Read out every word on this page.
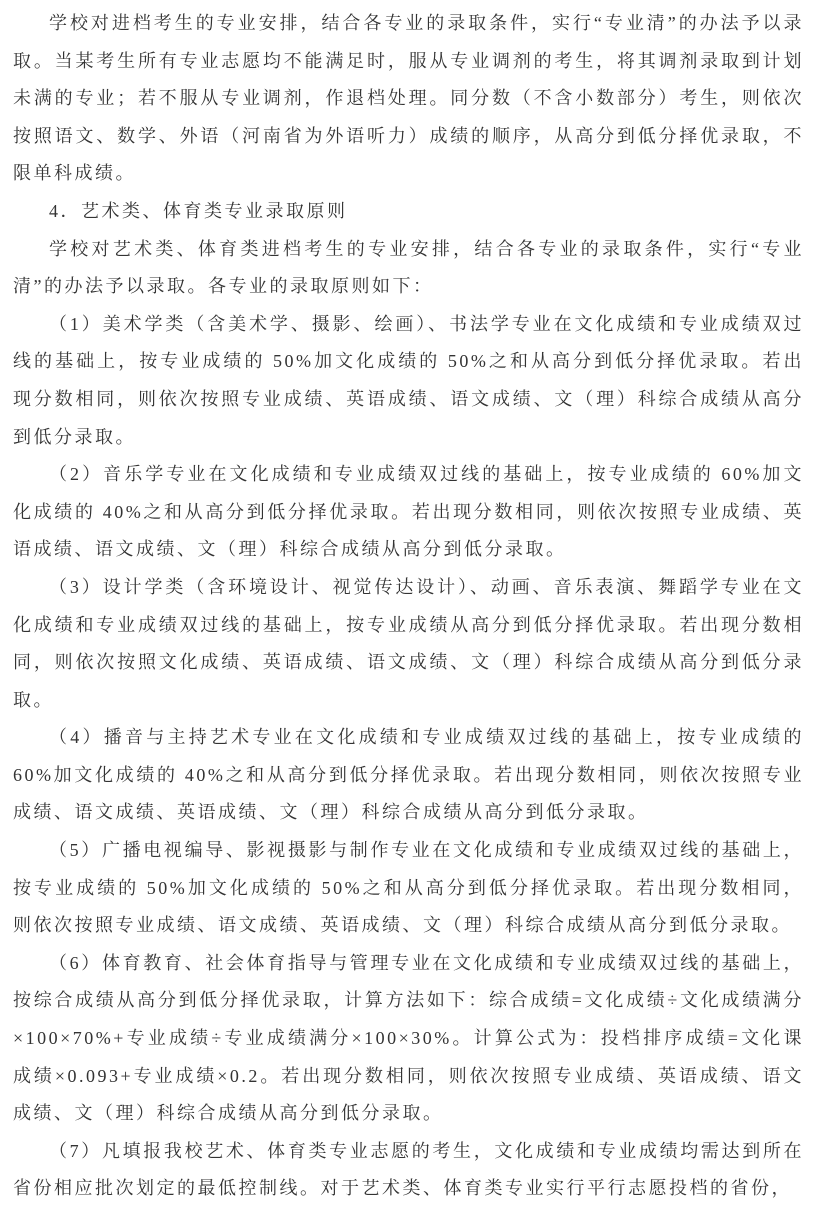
学校对进档考生的专业安排，结合各专业的录取条件，实行“专业清”的办法予以录取。当某考生所有专业志愿均不能满足时，服从专业调剂的考生，将其调剂录取到计划未满的专业；若不服从专业调剂，作退档处理。同分数（不含小数部分）考生，则依次按照语文、数学、外语（河南省为外语听力）成绩的顺序，从高分到低分择优录取，不限单科成绩。

4．艺术类、体育类专业录取原则

学校对艺术类、体育类进档考生的专业安排，结合各专业的录取条件，实行“专业清”的办法予以录取。各专业的录取原则如下：

（1）美术学类（含美术学、摄影、绘画）、书法学专业在文化成绩和专业成绩双过线的基础上，按专业成绩的 50%加文化成绩的 50%之和从高分到低分择优录取。若出现分数相同，则依次按照专业成绩、英语成绩、语文成绩、文（理）科综合成绩从高分到低分录取。

（2）音乐学专业在文化成绩和专业成绩双过线的基础上，按专业成绩的 60%加文化成绩的 40%之和从高分到低分择优录取。若出现分数相同，则依次按照专业成绩、英语成绩、语文成绩、文（理）科综合成绩从高分到低分录取。

（3）设计学类（含环境设计、视觉传达设计）、动画、音乐表演、舞蹈学专业在文化成绩和专业成绩双过线的基础上，按专业成绩从高分到低分择优录取。若出现分数相同，则依次按照文化成绩、英语成绩、语文成绩、文（理）科综合成绩从高分到低分录取。

（4）播音与主持艺术专业在文化成绩和专业成绩双过线的基础上，按专业成绩的 60%加文化成绩的 40%之和从高分到低分择优录取。若出现分数相同，则依次按照专业成绩、语文成绩、英语成绩、文（理）科综合成绩从高分到低分录取。

（5）广播电视编导、影视摄影与制作专业在文化成绩和专业成绩双过线的基础上，按专业成绩的 50%加文化成绩的 50%之和从高分到低分择优录取。若出现分数相同，则依次按照专业成绩、语文成绩、英语成绩、文（理）科综合成绩从高分到低分录取。

（6）体育教育、社会体育指导与管理专业在文化成绩和专业成绩双过线的基础上，按综合成绩从高分到低分择优录取，计算方法如下：综合成绩=文化成绩÷文化成绩满分×100×70%+专业成绩÷专业成绩满分×100×30%。计算公式为：投档排序成绩=文化课成绩×0.093+专业成绩×0.2。若出现分数相同，则依次按照专业成绩、英语成绩、语文成绩、文（理）科综合成绩从高分到低分录取。

（7）凡填报我校艺术、体育类专业志愿的考生，文化成绩和专业成绩均需达到所在省份相应批次划定的最低控制线。对于艺术类、体育类专业实行平行志愿投档的省份，
